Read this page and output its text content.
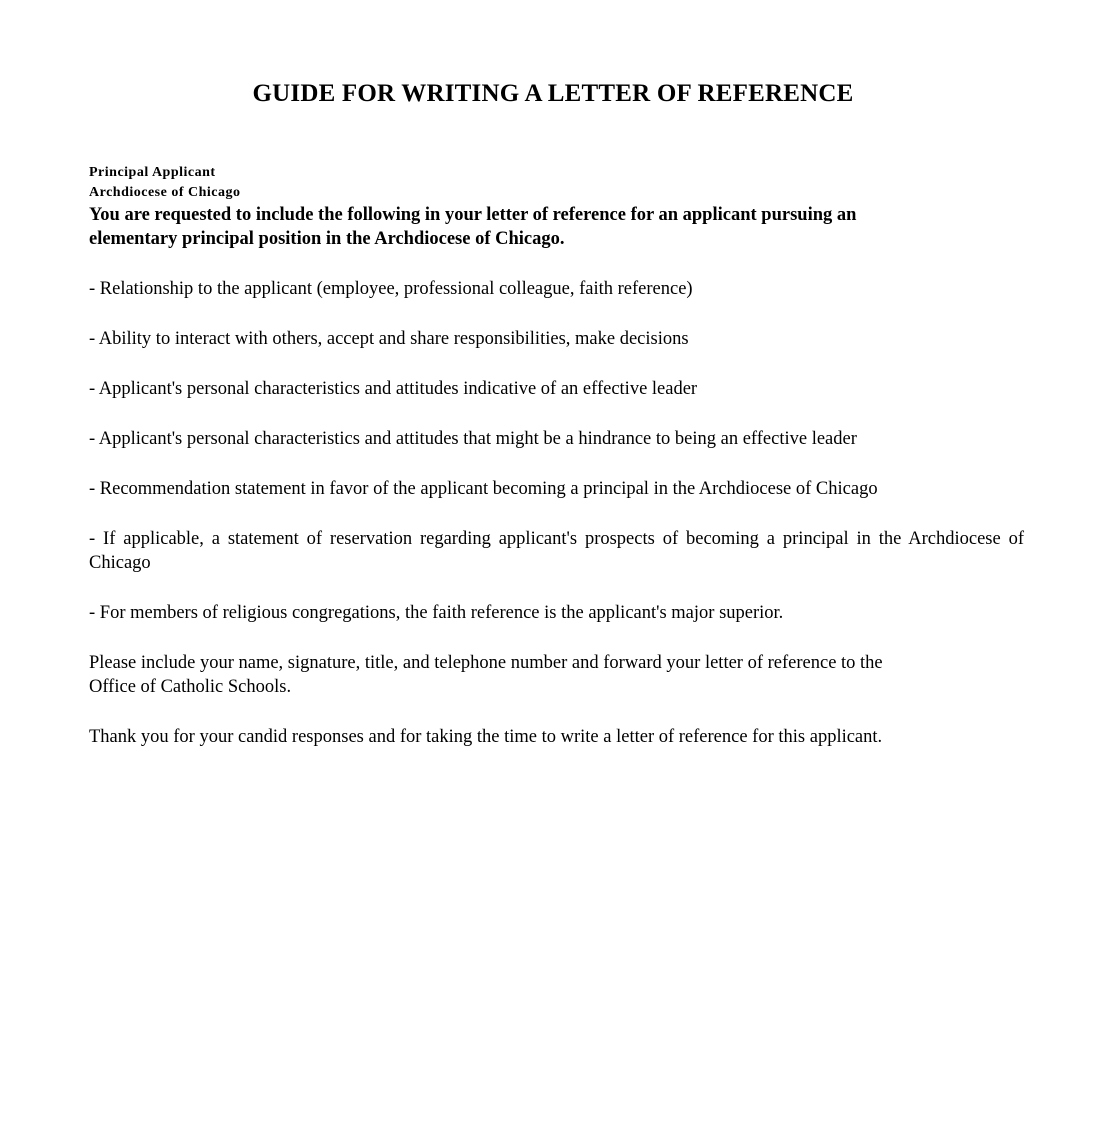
GUIDE FOR WRITING A LETTER OF REFERENCE

Principal Applicant

Archdiocese of Chicago

You are requested to include the following in your letter of reference for an applicant pursuing an elementary principal position in the Archdiocese of Chicago.

- Relationship to the applicant (employee, professional colleague, faith reference)

- Ability to interact with others, accept and share responsibilities, make decisions

- Applicant's personal characteristics and attitudes indicative of an effective leader

- Applicant's personal characteristics and attitudes that might be a hindrance to being an effective leader

- Recommendation statement in favor of the applicant becoming a principal in the Archdiocese of Chicago

- If applicable, a statement of reservation regarding applicant's prospects of becoming a principal in the Archdiocese of Chicago

- For members of religious congregations, the faith reference is the applicant's major superior.

Please include your name, signature, title, and telephone number and forward your letter of reference to the Office of Catholic Schools.

Thank you for your candid responses and for taking the time to write a letter of reference for this applicant.
